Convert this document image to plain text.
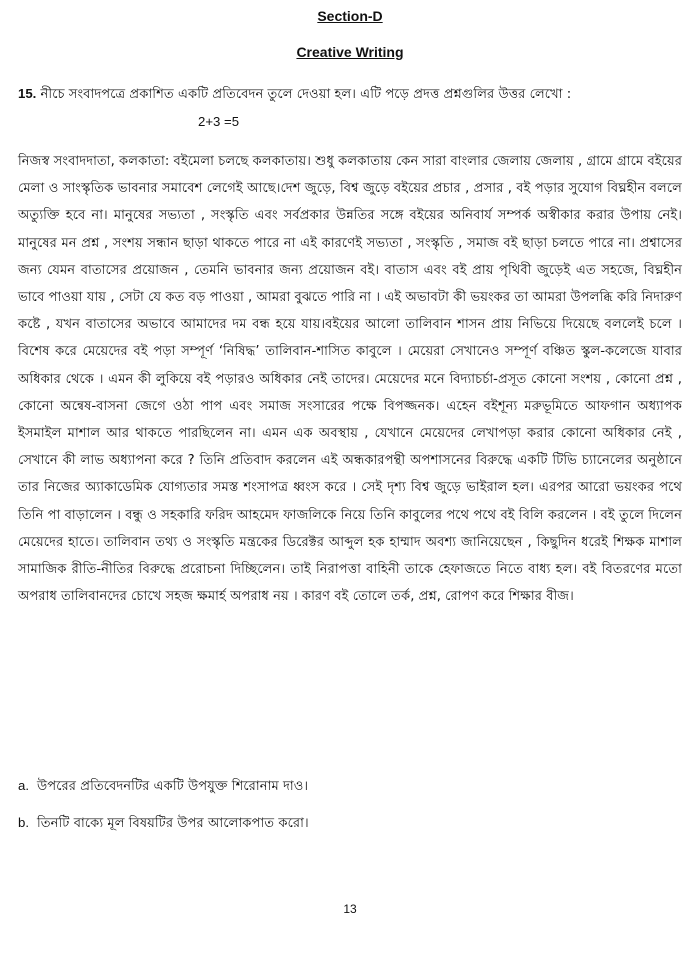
Section-D
Creative Writing
15. নীচে সংবাদপত্রে প্রকাশিত একটি প্রতিবেদন তুলে দেওয়া হল। এটি পড়ে প্রদত্ত প্রশ্নগুলির উত্তর লেখো : 2+3 =5
নিজস্ব সংবাদদাতা, কলকাতা: বইমেলা চলছে কলকাতায়। শুধু কলকাতায় কেন সারা বাংলার জেলায় জেলায় , গ্রামে গ্রামে বইয়ের মেলা ও সাংস্কৃতিক ভাবনার সমাবেশ লেগেই আছে।দেশ জুড়ে, বিশ্ব জুড়ে বইয়ের প্রচার , প্রসার , বই পড়ার সুযোগ বিঘ্নহীন বললে অত্যুক্তি হবে না। মানুষের সভ্যতা , সংস্কৃতি এবং সর্বপ্রকার উন্নতির সঙ্গে বইয়ের অনিবার্য সম্পর্ক অস্বীকার করার উপায় নেই। মানুষের মন প্রশ্ন , সংশয় সন্ধান ছাড়া থাকতে পারে না এই কারণেই সভ্যতা , সংস্কৃতি , সমাজ বই ছাড়া চলতে পারে না। প্রশ্বাসের জন্য যেমন বাতাসের প্রয়োজন , তেমনি ভাবনার জন্য প্রয়োজন বই। বাতাস এবং বই প্রায় পৃথিবী জুড়েই এত সহজে, বিঘ্নহীন ভাবে পাওয়া যায় , সেটা যে কত বড় পাওয়া , আমরা বুঝতে পারি না । এই অভাবটা কী ভয়ংকর তা আমরা উপলব্ধি করি নিদারুণ কষ্টে , যখন বাতাসের অভাবে আমাদের দম বন্ধ হয়ে যায়।বইয়ের আলো তালিবান শাসন প্রায় নিভিয়ে দিয়েছে বললেই চলে । বিশেষ করে মেয়েদের বই পড়া সম্পূর্ণ ‘নিষিদ্ধ’ তালিবান-শাসিত কাবুলে । মেয়েরা সেখানেও সম্পূর্ণ বঞ্চিত স্কুল-কলেজে যাবার অধিকার থেকে । এমন কী লুকিয়ে বই পড়ারও অধিকার নেই তাদের। মেয়েদের মনে বিদ্যাচর্চা-প্রসূত কোনো সংশয় , কোনো প্রশ্ন , কোনো অন্বেষ-বাসনা জেগে ওঠা পাপ এবং সমাজ সংসারের পক্ষে বিপজ্জনক। এহেন বইশূন্য মরুভূমিতে আফগান অধ্যাপক ইসমাইল মাশাল আর থাকতে পারছিলেন না। এমন এক অবস্থায় , যেখানে মেয়েদের লেখাপড়া করার কোনো অধিকার নেই , সেখানে কী লাভ অধ্যাপনা করে ? তিনি প্রতিবাদ করলেন এই অন্ধকারপন্থী অপশাসনের বিরুদ্ধে একটি টিভি চ্যানেলের অনুষ্ঠানে তার নিজের অ্যাকাডেমিক যোগ্যতার সমস্ত শংসাপত্র ধ্বংস করে । সেই দৃশ্য বিশ্ব জুড়ে ভাইরাল হল। এরপর আরো ভয়ংকর পথে তিনি পা বাড়ালেন । বন্ধু ও সহকারি ফরিদ আহমেদ ফাজলিকে নিয়ে তিনি কাবুলের পথে পথে বই বিলি করলেন । বই তুলে দিলেন মেয়েদের হাতে। তালিবান তথ্য ও সংস্কৃতি মন্ত্রকের ডিরেক্টর আব্দুল হক হাম্মাদ অবশ্য জানিয়েছেন , কিছুদিন ধরেই শিক্ষক মাশাল সামাজিক রীতি-নীতির বিরুদ্ধে প্ররোচনা দিচ্ছিলেন। তাই নিরাপত্তা বাহিনী তাকে হেফাজতে নিতে বাধ্য হল। বই বিতরণের মতো অপরাধ তালিবানদের চোখে সহজ ক্ষমার্হ অপরাধ নয় । কারণ বই তোলে তর্ক, প্রশ্ন, রোপণ করে শিক্ষার বীজ।
a. উপরের প্রতিবেদনটির একটি উপযুক্ত শিরোনাম দাও।
b. তিনটি বাক্যে মূল বিষয়টির উপর আলোকপাত করো।
13
